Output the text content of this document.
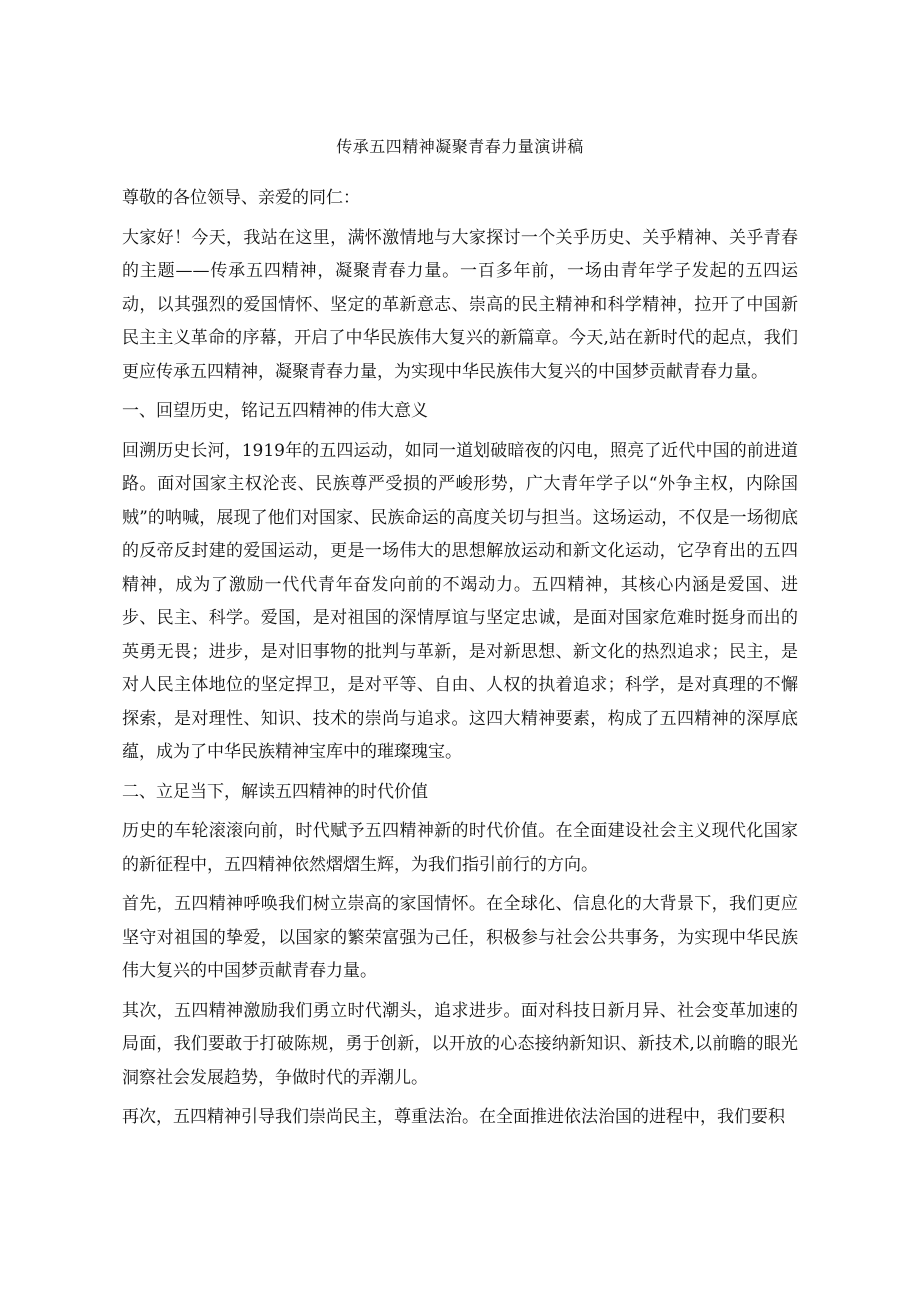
传承五四精神凝聚青春力量演讲稿

尊敬的各位领导、亲爱的同仁：

大家好！今天，我站在这里，满怀激情地与大家探讨一个关乎历史、关乎精神、关乎青春的主题——传承五四精神，凝聚青春力量。一百多年前，一场由青年学子发起的五四运动，以其强烈的爱国情怀、坚定的革新意志、崇高的民主精神和科学精神，拉开了中国新民主主义革命的序幕，开启了中华民族伟大复兴的新篇章。今天,站在新时代的起点，我们更应传承五四精神，凝聚青春力量，为实现中华民族伟大复兴的中国梦贡献青春力量。

一、回望历史，铭记五四精神的伟大意义

回溯历史长河，1919年的五四运动，如同一道划破暗夜的闪电，照亮了近代中国的前进道路。面对国家主权沦丧、民族尊严受损的严峻形势，广大青年学子以“外争主权，内除国贼”的呐喊，展现了他们对国家、民族命运的高度关切与担当。这场运动，不仅是一场彻底的反帝反封建的爱国运动，更是一场伟大的思想解放运动和新文化运动，它孕育出的五四精神，成为了激励一代代青年奋发向前的不竭动力。五四精神，其核心内涵是爱国、进步、民主、科学。爱国，是对祖国的深情厚谊与坚定忠诚，是面对国家危难时挺身而出的英勇无畏；进步，是对旧事物的批判与革新，是对新思想、新文化的热烈追求；民主，是对人民主体地位的坚定捍卫，是对平等、自由、人权的执着追求；科学，是对真理的不懈探索，是对理性、知识、技术的崇尚与追求。这四大精神要素，构成了五四精神的深厚底蕴，成为了中华民族精神宝库中的璀璨瑰宝。

二、立足当下，解读五四精神的时代价值

历史的车轮滚滚向前，时代赋予五四精神新的时代价值。在全面建设社会主义现代化国家的新征程中，五四精神依然熠熠生辉，为我们指引前行的方向。

首先，五四精神呼唤我们树立崇高的家国情怀。在全球化、信息化的大背景下，我们更应坚守对祖国的挚爱，以国家的繁荣富强为己任，积极参与社会公共事务，为实现中华民族伟大复兴的中国梦贡献青春力量。

其次，五四精神激励我们勇立时代潮头，追求进步。面对科技日新月异、社会变革加速的局面，我们要敢于打破陈规，勇于创新，以开放的心态接纳新知识、新技术,以前瞻的眼光洞察社会发展趋势，争做时代的弄潮儿。

再次，五四精神引导我们崇尚民主，尊重法治。在全面推进依法治国的进程中，我们要积
